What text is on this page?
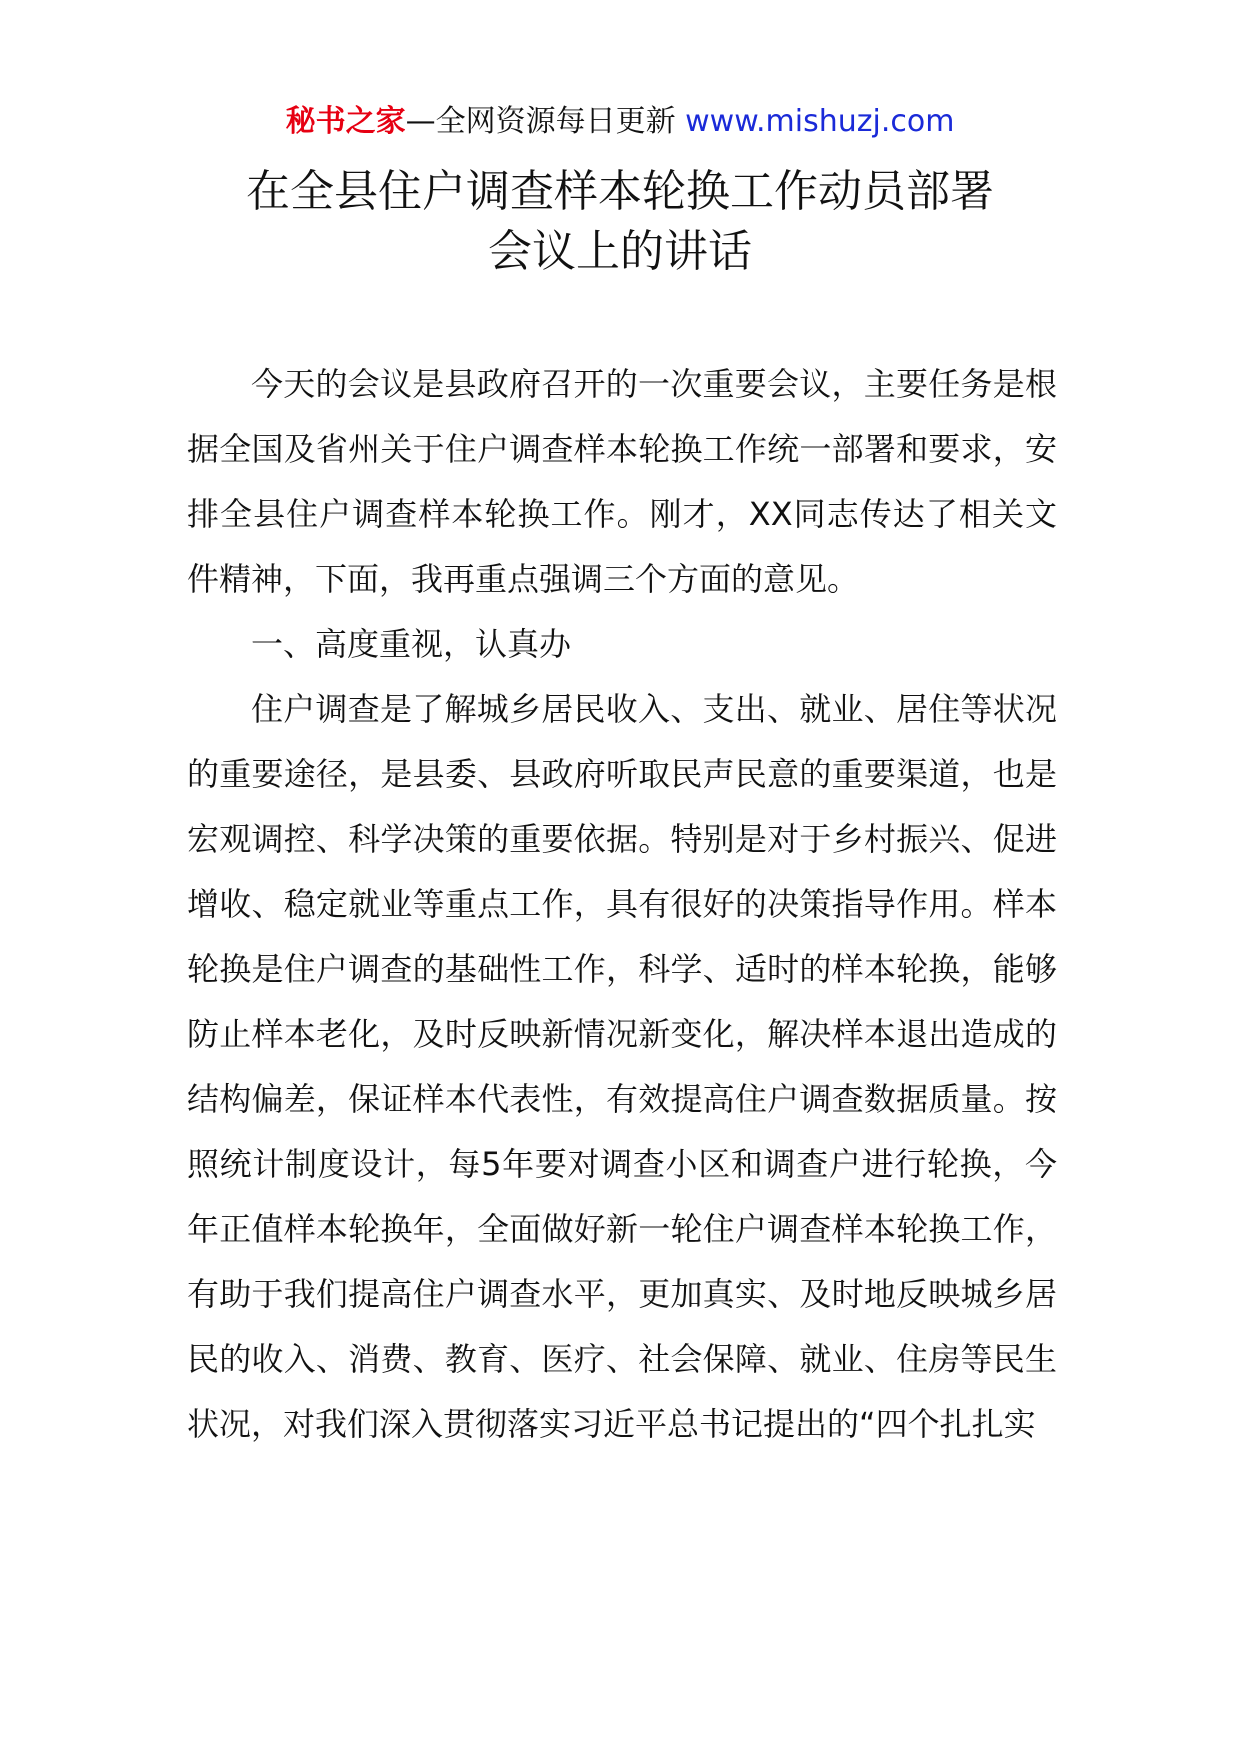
秘书之家—全网资源每日更新 www.mishuzj.com
在全县住户调查样本轮换工作动员部署
会议上的讲话

今天的会议是县政府召开的一次重要会议，主要任务是根据全国及省州关于住户调查样本轮换工作统一部署和要求，安排全县住户调查样本轮换工作。刚才，XX同志传达了相关文件精神，下面，我再重点强调三个方面的意见。

一、高度重视，认真办

住户调查是了解城乡居民收入、支出、就业、居住等状况的重要途径，是县委、县政府听取民声民意的重要渠道，也是宏观调控、科学决策的重要依据。特别是对于乡村振兴、促进增收、稳定就业等重点工作，具有很好的决策指导作用。样本轮换是住户调查的基础性工作，科学、适时的样本轮换，能够防止样本老化，及时反映新情况新变化，解决样本退出造成的结构偏差，保证样本代表性，有效提高住户调查数据质量。按照统计制度设计，每5年要对调查小区和调查户进行轮换，今年正值样本轮换年，全面做好新一轮住户调查样本轮换工作，有助于我们提高住户调查水平，更加真实、及时地反映城乡居民的收入、消费、教育、医疗、社会保障、就业、住房等民生状况，对我们深入贯彻落实习近平总书记提出的“四个扎扎实
